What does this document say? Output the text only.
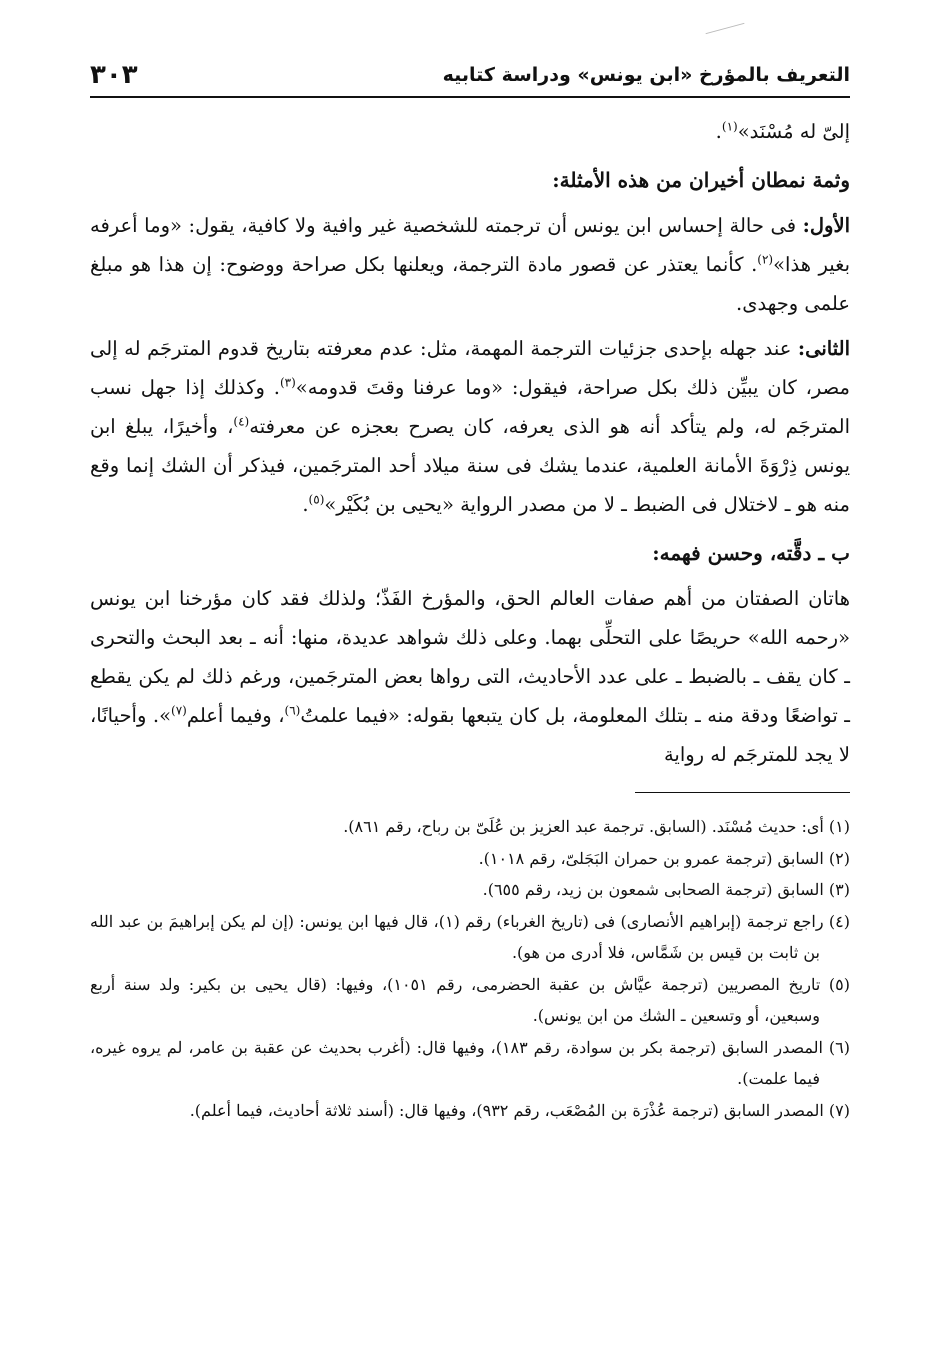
التعريف بالمؤرخ «ابن يونس» ودراسة كتابيه
٣٠٣

إلىّ له مُسْنَد»$^{(١)}$.

وثمة نمطان أخيران من هذه الأمثلة:

الأول: فى حالة إحساس ابن يونس أن ترجمته للشخصية غير وافية ولا كافية، يقول: «وما أعرفه بغير هذا»$^{(٢)}$. كأنما يعتذر عن قصور مادة الترجمة، ويعلنها بكل صراحة ووضوح: إن هذا هو مبلغ علمى وجهدى.

الثانى: عند جهله بإحدى جزئيات الترجمة المهمة، مثل: عدم معرفته بتاريخ قدوم المترجَم له إلى مصر، كان يبيِّن ذلك بكل صراحة، فيقول: «وما عرفنا وقتَ قدومه»$^{(٣)}$. وكذلك إذا جهل نسب المترجَم له، ولم يتأكد أنه هو الذى يعرفه، كان يصرح بعجزه عن معرفته$^{(٤)}$، وأخيرًا، يبلغ ابن يونس ذِرْوَةَ الأمانة العلمية، عندما يشك فى سنة ميلاد أحد المترجَمين، فيذكر أن الشك إنما وقع منه هو ـ لاختلال فى الضبط ـ لا من مصدر الرواية «يحيى بن بُكَيْر»$^{(٥)}$.

ب ـ دقَّته، وحسن فهمه:

هاتان الصفتان من أهم صفات العالم الحق، والمؤرخ الفَذّ؛ ولذلك فقد كان مؤرخنا ابن يونس «رحمه الله» حريصًا على التحلِّى بهما. وعلى ذلك شواهد عديدة، منها: أنه ـ بعد البحث والتحرى ـ كان يقف ـ بالضبط ـ على عدد الأحاديث، التى رواها بعض المترجَمين، ورغم ذلك لم يكن يقطع ـ تواضعًا ودقة منه ـ بتلك المعلومة، بل كان يتبعها بقوله: «فيما علمتُ$^{(٦)}$، وفيما أعلم$^{(٧)}$». وأحيانًا، لا يجد للمترجَم له رواية

(١) أى: حديث مُسْنَد. (السابق. ترجمة عبد العزيز بن عُلَىّ بن رباح، رقم ٨٦١).

(٢) السابق (ترجمة عمرو بن حمران البَجَلىّ، رقم ١٠١٨).

(٣) السابق (ترجمة الصحابى شمعون بن زيد، رقم ٦٥٥).

(٤) راجع ترجمة (إبراهيم الأنصارى) فى (تاريخ الغرباء) رقم (١)، قال فيها ابن يونس: (إن لم يكن إبراهيمَ بن عبد الله بن ثابت بن قيس بن شَمَّاس، فلا أدرى من هو).

(٥) تاريخ المصريين (ترجمة عيَّاش بن عقبة الحضرمى، رقم ١٠٥١)، وفيها: (قال يحيى بن بكير: ولد سنة أربع وسبعين، أو وتسعين ـ الشك من ابن يونس).

(٦) المصدر السابق (ترجمة بكر بن سوادة، رقم ١٨٣)، وفيها قال: (أغرب بحديث عن عقبة بن عامر، لم يروه غيره، فيما علمت).

(٧) المصدر السابق (ترجمة عُذْرَة بن المُصْعَب، رقم ٩٣٢)، وفيها قال: (أسند ثلاثة أحاديث، فيما أعلم).
